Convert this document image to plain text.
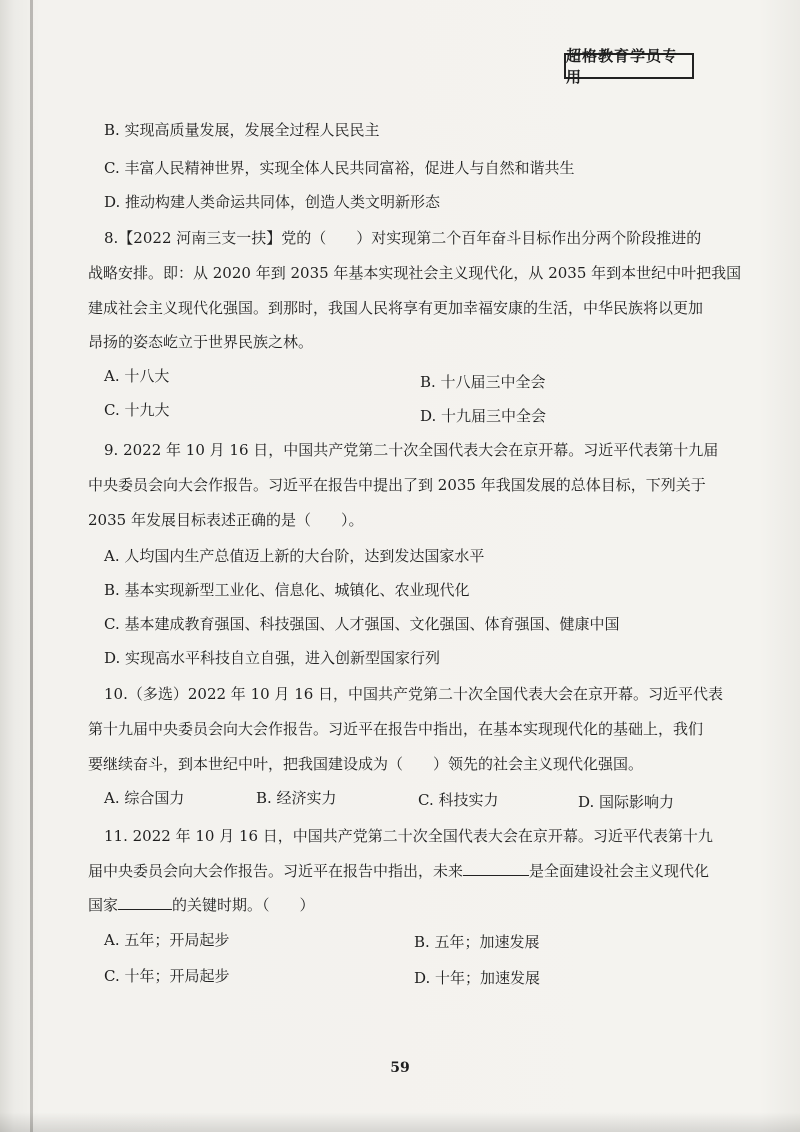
超格教育学员专用
B. 实现高质量发展，发展全过程人民民主
C. 丰富人民精神世界，实现全体人民共同富裕，促进人与自然和谐共生
D. 推动构建人类命运共同体，创造人类文明新形态
8.【2022 河南三支一扶】党的（　　）对实现第二个百年奋斗目标作出分两个阶段推进的
战略安排。即：从 2020 年到 2035 年基本实现社会主义现代化，从 2035 年到本世纪中叶把我国
建成社会主义现代化强国。到那时，我国人民将享有更加幸福安康的生活，中华民族将以更加
昂扬的姿态屹立于世界民族之林。
A. 十八大	B. 十八届三中全会
C. 十九大	D. 十九届三中全会
9. 2022 年 10 月 16 日，中国共产党第二十次全国代表大会在京开幕。习近平代表第十九届
中央委员会向大会作报告。习近平在报告中提出了到 2035 年我国发展的总体目标，下列关于
2035 年发展目标表述正确的是（　　）。
A. 人均国内生产总值迈上新的大台阶，达到发达国家水平
B. 基本实现新型工业化、信息化、城镇化、农业现代化
C. 基本建成教育强国、科技强国、人才强国、文化强国、体育强国、健康中国
D. 实现高水平科技自立自强，进入创新型国家行列
10.（多选）2022 年 10 月 16 日，中国共产党第二十次全国代表大会在京开幕。习近平代表
第十九届中央委员会向大会作报告。习近平在报告中指出，在基本实现现代化的基础上，我们
要继续奋斗，到本世纪中叶，把我国建设成为（　　）领先的社会主义现代化强国。
A. 综合国力	B. 经济实力	C. 科技实力	D. 国际影响力
11. 2022 年 10 月 16 日，中国共产党第二十次全国代表大会在京开幕。习近平代表第十九
届中央委员会向大会作报告。习近平在报告中指出，未来	是全面建设社会主义现代化
国家	的关键时期。（　　）
A. 五年；开局起步	B. 五年；加速发展
C. 十年；开局起步	D. 十年；加速发展
59
